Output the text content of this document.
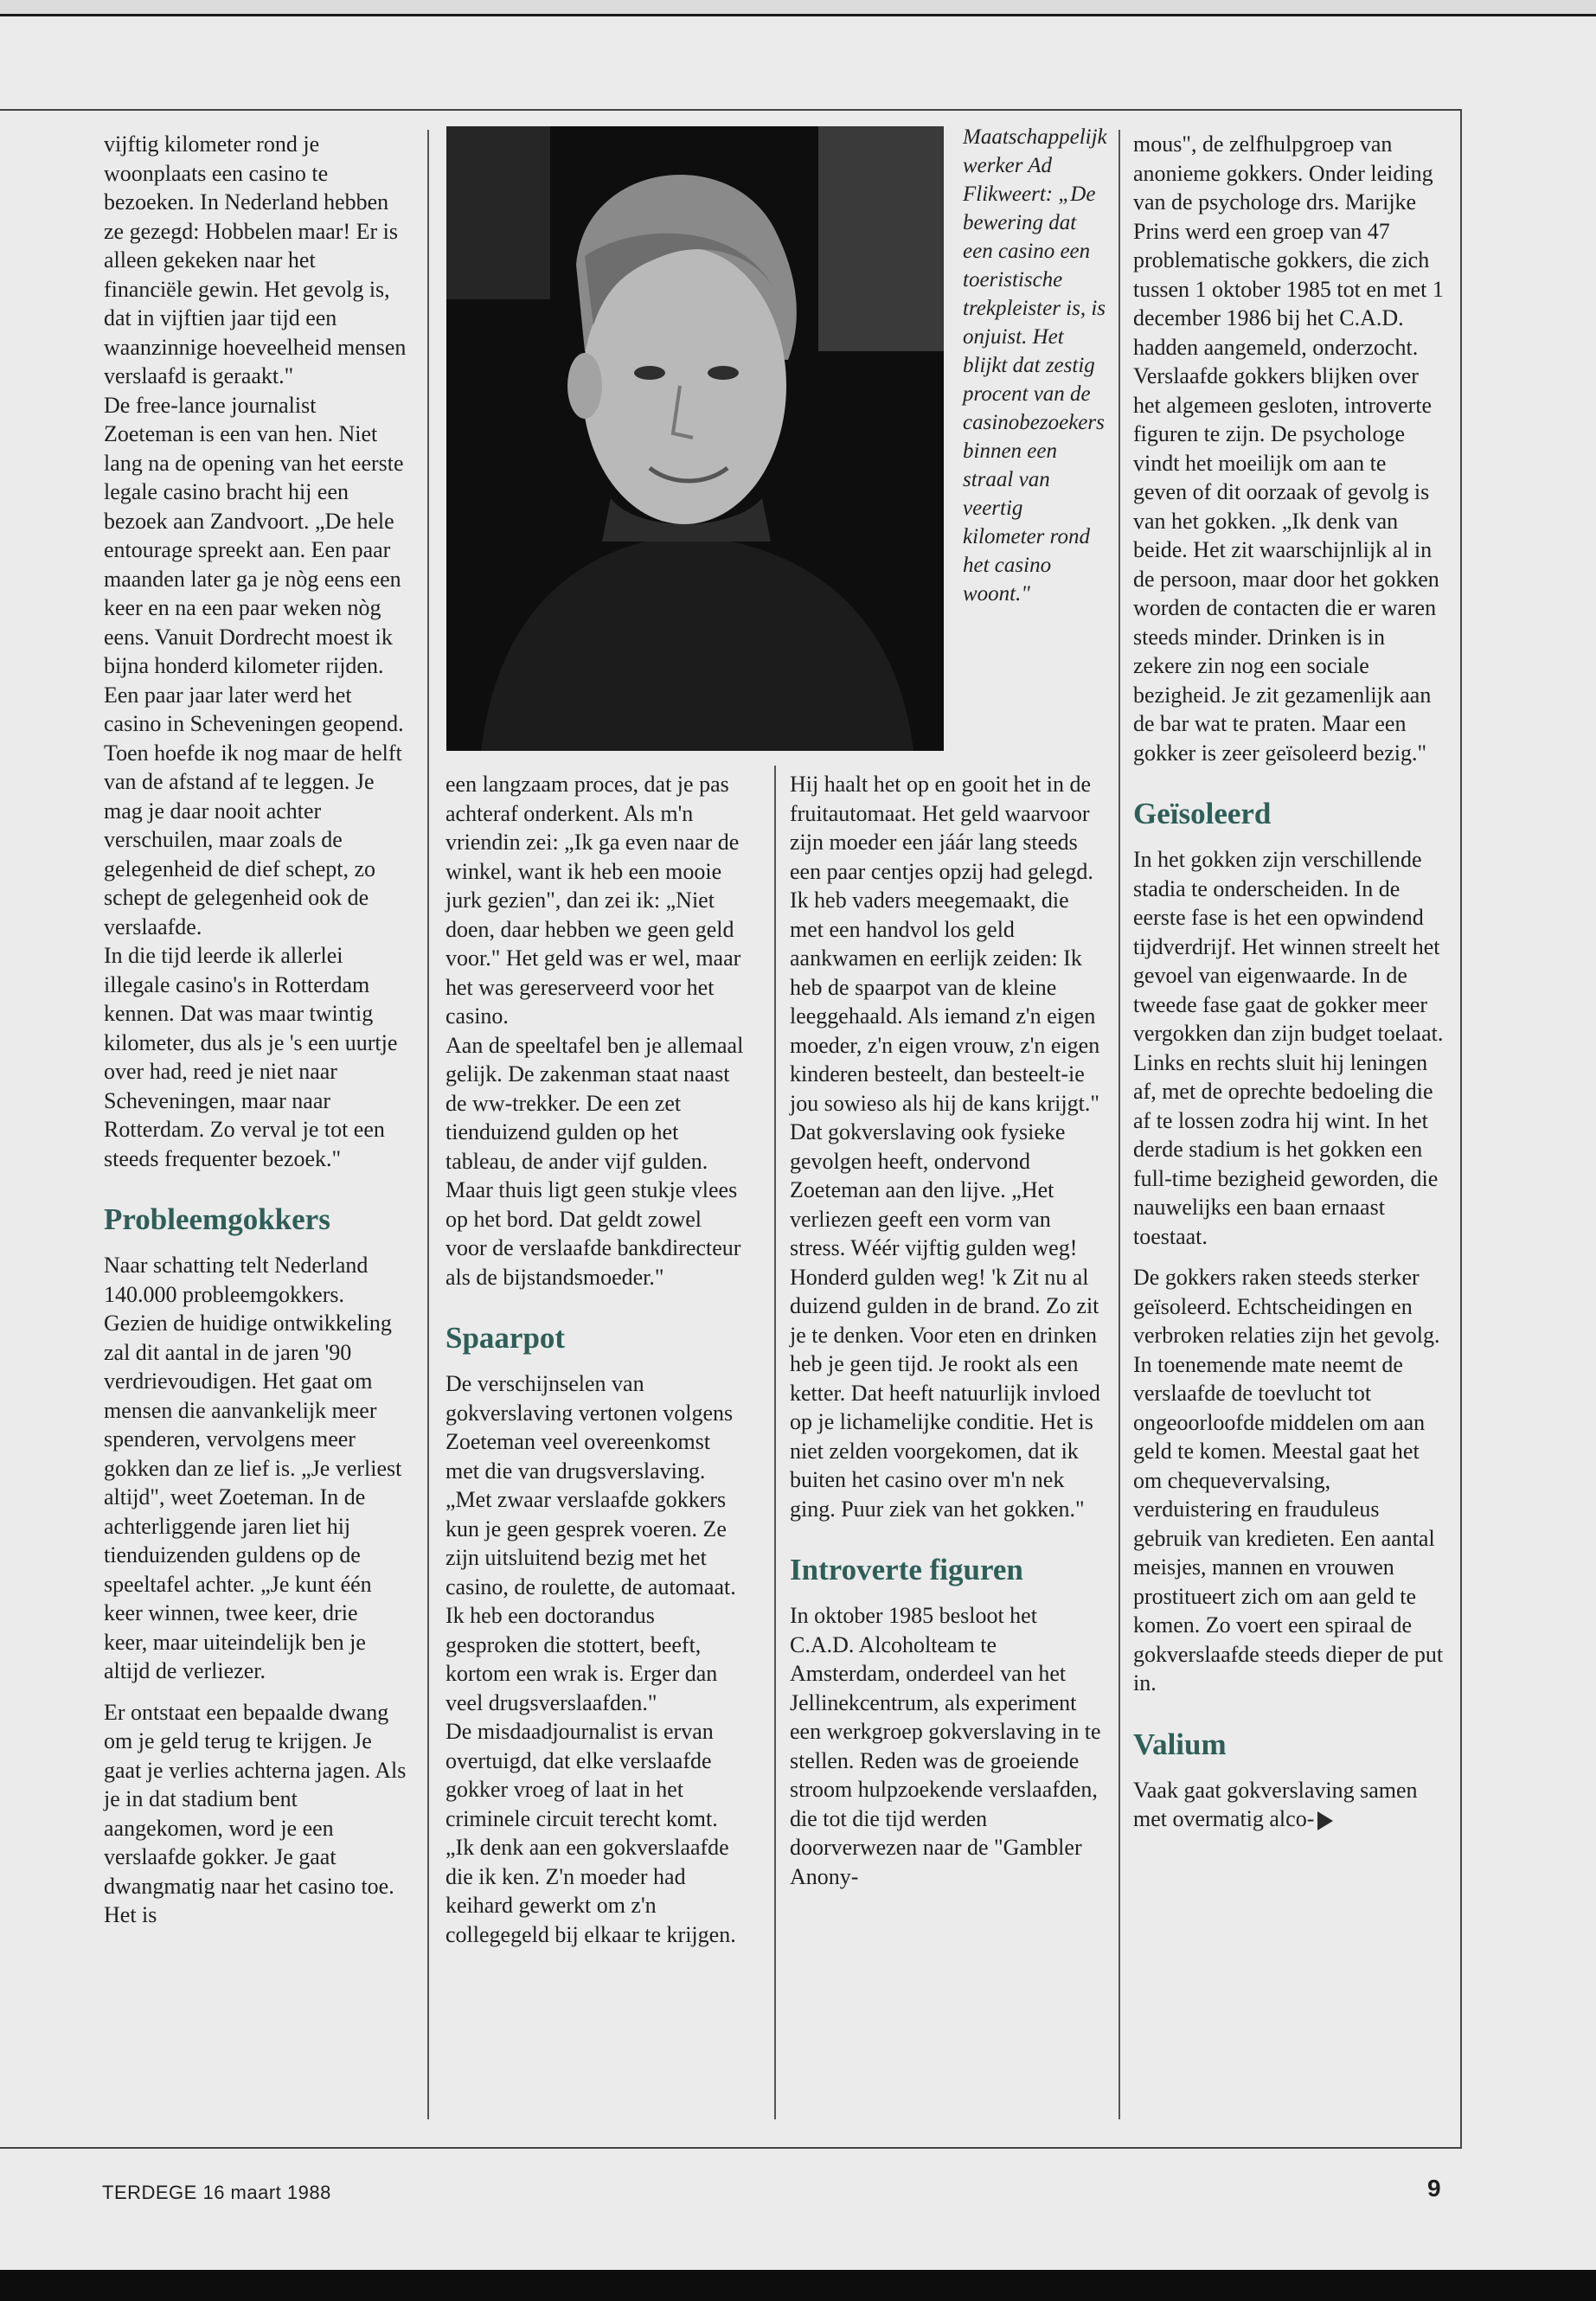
vijftig kilometer rond je woonplaats een casino te bezoeken. In Nederland hebben ze gezegd: Hobbelen maar! Er is alleen gekeken naar het financiële gewin. Het gevolg is, dat in vijftien jaar tijd een waanzinnige hoeveelheid mensen verslaafd is geraakt."

De free-lance journalist Zoeteman is een van hen. Niet lang na de opening van het eerste legale casino bracht hij een bezoek aan Zandvoort. „De hele entourage spreekt aan. Een paar maanden later ga je nòg eens een keer en na een paar weken nòg eens. Vanuit Dordrecht moest ik bijna honderd kilometer rijden. Een paar jaar later werd het casino in Scheveningen geopend. Toen hoefde ik nog maar de helft van de afstand af te leggen. Je mag je daar nooit achter verschuilen, maar zoals de gelegenheid de dief schept, zo schept de gelegenheid ook de verslaafde.

In die tijd leerde ik allerlei illegale casino's in Rotterdam kennen. Dat was maar twintig kilometer, dus als je 's een uurtje over had, reed je niet naar Scheveningen, maar naar Rotterdam. Zo verval je tot een steeds frequenter bezoek."

Probleemgokkers

Naar schatting telt Nederland 140.000 probleemgokkers. Gezien de huidige ontwikkeling zal dit aantal in de jaren '90 verdrievoudigen. Het gaat om mensen die aanvankelijk meer spenderen, vervolgens meer gokken dan ze lief is. „Je verliest altijd", weet Zoeteman. In de achterliggende jaren liet hij tienduizenden guldens op de speeltafel achter. „Je kunt één keer winnen, twee keer, drie keer, maar uiteindelijk ben je altijd de verliezer.

Er ontstaat een bepaalde dwang om je geld terug te krijgen. Je gaat je verlies achterna jagen. Als je in dat stadium bent aangekomen, word je een verslaafde gokker. Je gaat dwangmatig naar het casino toe. Het is

Maatschappelijk werker Ad Flikweert: „De bewering dat een casino een toeristische trekpleister is, is onjuist. Het blijkt dat zestig procent van de casinobezoekers binnen een straal van veertig kilometer rond het casino woont."

een langzaam proces, dat je pas achteraf onderkent. Als m'n vriendin zei: „Ik ga even naar de winkel, want ik heb een mooie jurk gezien", dan zei ik: „Niet doen, daar hebben we geen geld voor." Het geld was er wel, maar het was gereserveerd voor het casino.

Aan de speeltafel ben je allemaal gelijk. De zakenman staat naast de ww-trekker. De een zet tienduizend gulden op het tableau, de ander vijf gulden. Maar thuis ligt geen stukje vlees op het bord. Dat geldt zowel voor de verslaafde bankdirecteur als de bijstandsmoeder."

Spaarpot

De verschijnselen van gokverslaving vertonen volgens Zoeteman veel overeenkomst met die van drugsverslaving. „Met zwaar verslaafde gokkers kun je geen gesprek voeren. Ze zijn uitsluitend bezig met het casino, de roulette, de automaat. Ik heb een doctorandus gesproken die stottert, beeft, kortom een wrak is. Erger dan veel drugsverslaafden."

De misdaadjournalist is ervan overtuigd, dat elke verslaafde gokker vroeg of laat in het criminele circuit terecht komt. „Ik denk aan een gokverslaafde die ik ken. Z'n moeder had keihard gewerkt om z'n collegegeld bij elkaar te krijgen.

Hij haalt het op en gooit het in de fruitautomaat. Het geld waarvoor zijn moeder een jáár lang steeds een paar centjes opzij had gelegd. Ik heb vaders meegemaakt, die met een handvol los geld aankwamen en eerlijk zeiden: Ik heb de spaarpot van de kleine leeggehaald. Als iemand z'n eigen moeder, z'n eigen vrouw, z'n eigen kinderen besteelt, dan besteelt-ie jou sowieso als hij de kans krijgt."

Dat gokverslaving ook fysieke gevolgen heeft, ondervond Zoeteman aan den lijve. „Het verliezen geeft een vorm van stress. Wéér vijftig gulden weg! Honderd gulden weg! 'k Zit nu al duizend gulden in de brand. Zo zit je te denken. Voor eten en drinken heb je geen tijd. Je rookt als een ketter. Dat heeft natuurlijk invloed op je lichamelijke conditie. Het is niet zelden voorgekomen, dat ik buiten het casino over m'n nek ging. Puur ziek van het gokken."

Introverte figuren

In oktober 1985 besloot het C.A.D. Alcoholteam te Amsterdam, onderdeel van het Jellinekcentrum, als experiment een werkgroep gokverslaving in te stellen. Reden was de groeiende stroom hulpzoekende verslaafden, die tot die tijd werden doorverwezen naar de "Gambler Anony-

mous", de zelfhulpgroep van anonieme gokkers. Onder leiding van de psychologe drs. Marijke Prins werd een groep van 47 problematische gokkers, die zich tussen 1 oktober 1985 tot en met 1 december 1986 bij het C.A.D. hadden aangemeld, onderzocht. Verslaafde gokkers blijken over het algemeen gesloten, introverte figuren te zijn. De psychologe vindt het moeilijk om aan te geven of dit oorzaak of gevolg is van het gokken. „Ik denk van beide. Het zit waarschijnlijk al in de persoon, maar door het gokken worden de contacten die er waren steeds minder. Drinken is in zekere zin nog een sociale bezigheid. Je zit gezamenlijk aan de bar wat te praten. Maar een gokker is zeer geïsoleerd bezig."

Geïsoleerd

In het gokken zijn verschillende stadia te onderscheiden. In de eerste fase is het een opwindend tijdverdrijf. Het winnen streelt het gevoel van eigenwaarde. In de tweede fase gaat de gokker meer vergokken dan zijn budget toelaat. Links en rechts sluit hij leningen af, met de oprechte bedoeling die af te lossen zodra hij wint. In het derde stadium is het gokken een full-time bezigheid geworden, die nauwelijks een baan ernaast toestaat.

De gokkers raken steeds sterker geïsoleerd. Echtscheidingen en verbroken relaties zijn het gevolg. In toenemende mate neemt de verslaafde de toevlucht tot ongeoorloofde middelen om aan geld te komen. Meestal gaat het om chequevervalsing, verduistering en frauduleus gebruik van kredieten. Een aantal meisjes, mannen en vrouwen prostitueert zich om aan geld te komen. Zo voert een spiraal de gokverslaafde steeds dieper de put in.

Valium

Vaak gaat gokverslaving samen met overmatig alco-

TERDEGE 16 maart 1988	9
